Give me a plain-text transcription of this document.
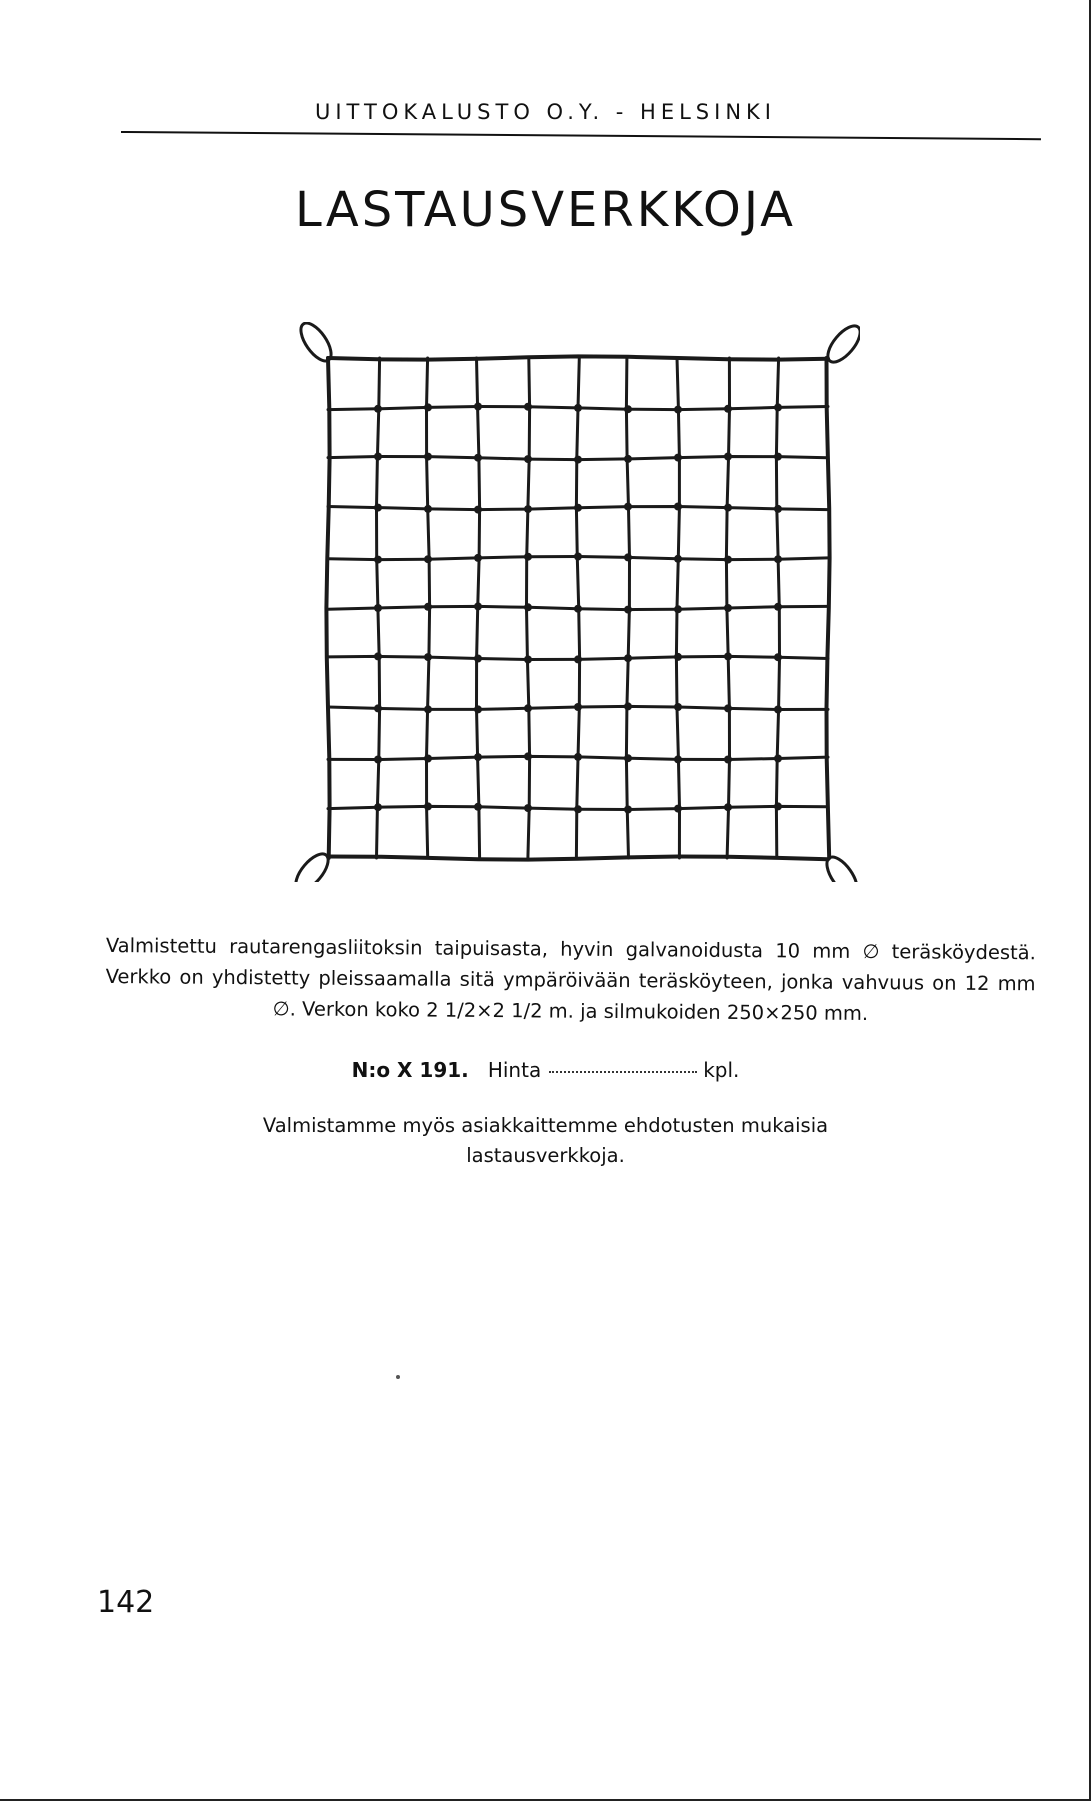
UITTOKALUSTO O.Y. - HELSINKI
LASTAUSVERKKOJA
Valmistettu rautarengasliitoksin taipuisasta, hyvin galvanoidusta 10 mm ∅ teräsköydestä. Verkko on yhdistetty pleissaamalla sitä ympäröivään teräsköyteen, jonka vahvuus on 12 mm ∅. Verkon koko 2 1/2×2 1/2 m. ja silmukoiden 250×250 mm.
N:o X 191. Hinta	kpl.
Valmistamme myös asiakkaittemme ehdotusten mukaisia
lastausverkkoja.
142
